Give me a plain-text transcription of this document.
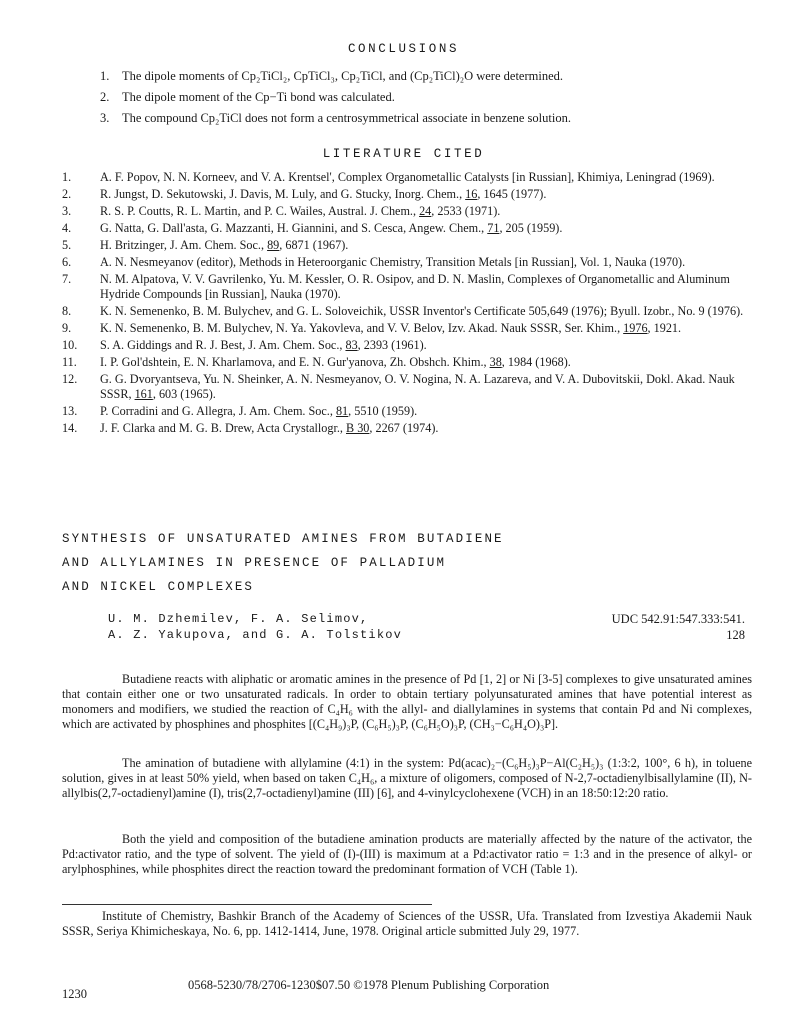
CONCLUSIONS
1. The dipole moments of Cp₂TiCl₂, CpTiCl₃, Cp₂TiCl, and (Cp₂TiCl)₂O were determined.
2. The dipole moment of the Cp−Ti bond was calculated.
3. The compound Cp₂TiCl does not form a centrosymmetrical associate in benzene solution.
LITERATURE CITED
1.	A. F. Popov, N. N. Korneev, and V. A. Krentsel', Complex Organometallic Catalysts [in Russian], Khimiya, Leningrad (1969).
2.	R. Jungst, D. Sekutowski, J. Davis, M. Luly, and G. Stucky, Inorg. Chem., 16, 1645 (1977).
3.	R. S. P. Coutts, R. L. Martin, and P. C. Wailes, Austral. J. Chem., 24, 2533 (1971).
4.	G. Natta, G. Dall'asta, G. Mazzanti, H. Giannini, and S. Cesca, Angew. Chem., 71, 205 (1959).
5.	H. Britzinger, J. Am. Chem. Soc., 89, 6871 (1967).
6.	A. N. Nesmeyanov (editor), Methods in Heteroorganic Chemistry, Transition Metals [in Russian], Vol. 1, Nauka (1970).
7.	N. M. Alpatova, V. V. Gavrilenko, Yu. M. Kessler, O. R. Osipov, and D. N. Maslin, Complexes of Organometallic and Aluminum Hydride Compounds [in Russian], Nauka (1970).
8.	K. N. Semenenko, B. M. Bulychev, and G. L. Soloveichik, USSR Inventor's Certificate 505,649 (1976); Byull. Izobr., No. 9 (1976).
9.	K. N. Semenenko, B. M. Bulychev, N. Ya. Yakovleva, and V. V. Belov, Izv. Akad. Nauk SSSR, Ser. Khim., 1976, 1921.
10.	S. A. Giddings and R. J. Best, J. Am. Chem. Soc., 83, 2393 (1961).
11.	I. P. Gol'dshtein, E. N. Kharlamova, and E. N. Gur'yanova, Zh. Obshch. Khim., 38, 1984 (1968).
12.	G. G. Dvoryantseva, Yu. N. Sheinker, A. N. Nesmeyanov, O. V. Nogina, N. A. Lazareva, and V. A. Dubovitskii, Dokl. Akad. Nauk SSSR, 161, 603 (1965).
13.	P. Corradini and G. Allegra, J. Am. Chem. Soc., 81, 5510 (1959).
14.	J. F. Clarka and M. G. B. Drew, Acta Crystallogr., B 30, 2267 (1974).
SYNTHESIS OF UNSATURATED AMINES FROM BUTADIENE
AND ALLYLAMINES IN PRESENCE OF PALLADIUM
AND NICKEL COMPLEXES
U. M. Dzhemilev, F. A. Selimov,
A. Z. Yakupova, and G. A. Tolstikov
UDC 542.91:547.333:541.
128

Butadiene reacts with aliphatic or aromatic amines in the presence of Pd [1, 2] or Ni [3-5] complexes to give unsaturated amines that contain either one or two unsaturated radicals. In order to obtain tertiary polyunsaturated amines that have potential interest as monomers and modifiers, we studied the reaction of C₄H₆ with the allyl- and diallylamines in systems that contain Pd and Ni complexes, which are activated by phosphines and phosphites [(C₄H₉)₃P, (C₆H₅)₃P, (C₆H₅O)₃P, (CH₃−C₆H₄O)₃P].

The amination of butadiene with allylamine (4:1) in the system: Pd(acac)₂−(C₆H₅)₃P−Al(C₂H₅)₃ (1:3:2, 100°, 6 h), in toluene solution, gives in at least 50% yield, when based on taken C₄H₆, a mixture of oligomers, composed of N-2,7-octadienylbisallylamine (II), N-allylbis(2,7-octadienyl)amine (I), tris(2,7-octadienyl)amine (III) [6], and 4-vinylcyclohexene (VCH) in an 18:50:12:20 ratio.

Both the yield and composition of the butadiene amination products are materially affected by the nature of the activator, the Pd:activator ratio, and the type of solvent. The yield of (I)-(III) is maximum at a Pd:activator ratio = 1:3 and in the presence of alkyl- or arylphosphines, while phosphites direct the reaction toward the predominant formation of VCH (Table 1).

Institute of Chemistry, Bashkir Branch of the Academy of Sciences of the USSR, Ufa. Translated from Izvestiya Akademii Nauk SSSR, Seriya Khimicheskaya, No. 6, pp. 1412-1414, June, 1978. Original article submitted July 29, 1977.

1230
0568-5230/78/2706-1230$07.50 ©1978 Plenum Publishing Corporation
